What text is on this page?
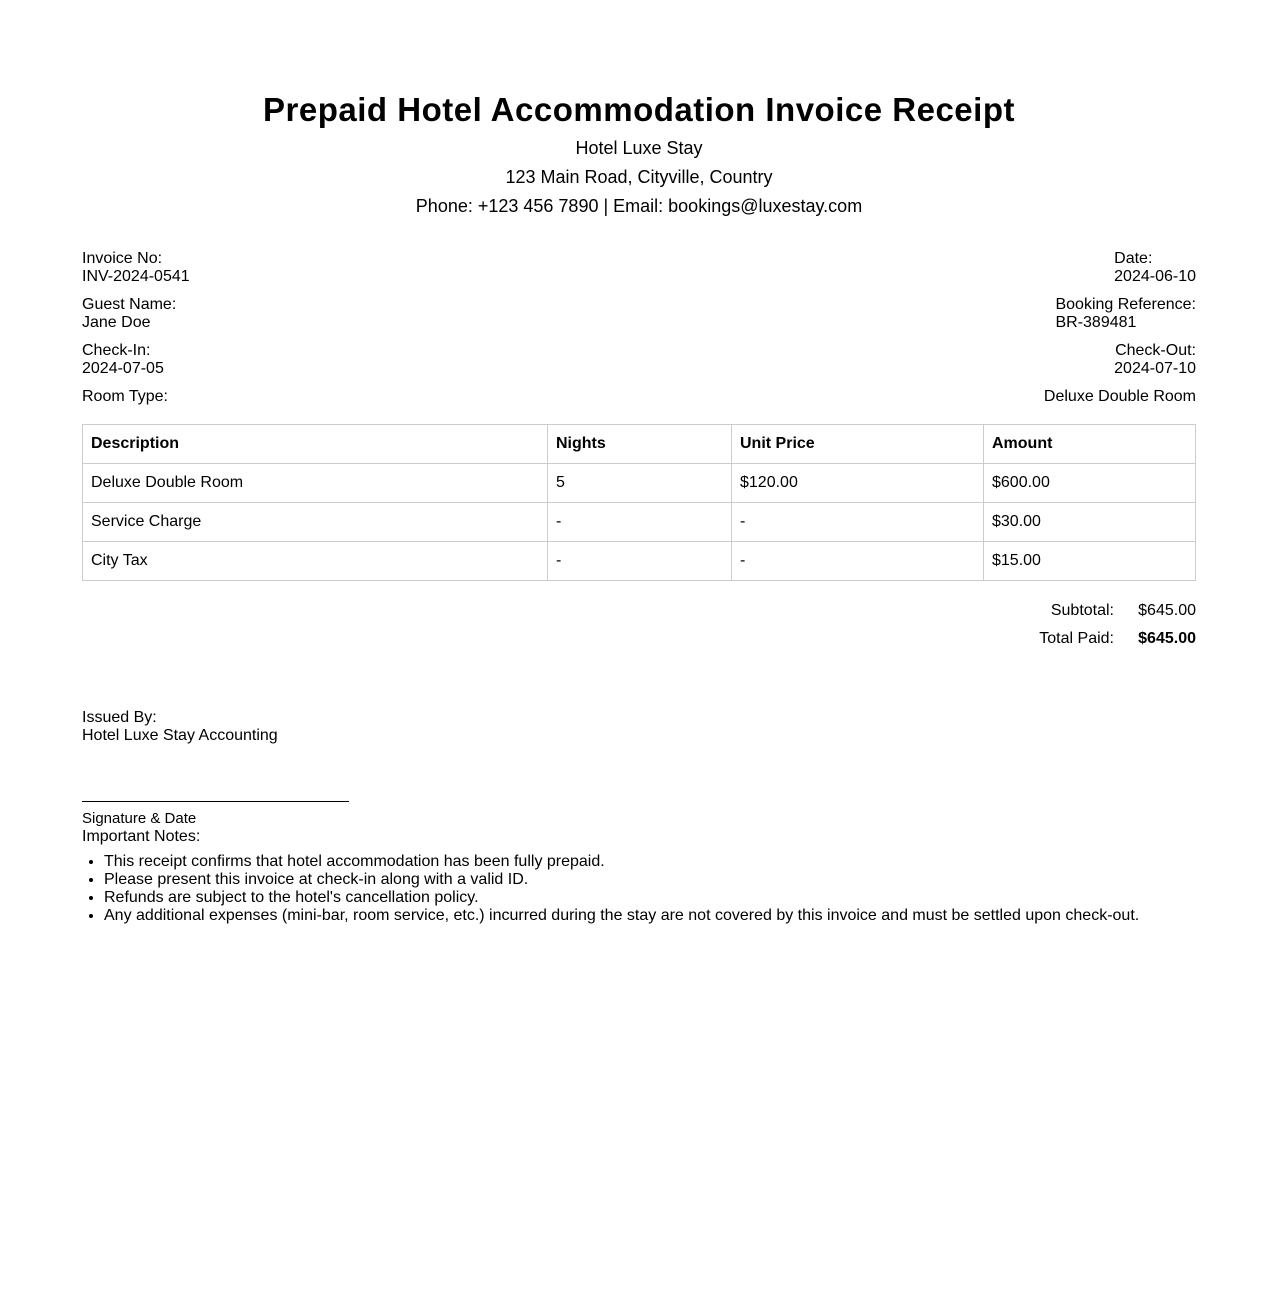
Prepaid Hotel Accommodation Invoice Receipt
Hotel Luxe Stay
123 Main Road, Cityville, Country
Phone: +123 456 7890 | Email: bookings@luxestay.com
Invoice No:
INV-2024-0541
Date:
2024-06-10
Guest Name:
Jane Doe
Booking Reference:
BR-389481
Check-In:
2024-07-05
Check-Out:
2024-07-10
Room Type:	Deluxe Double Room
Description	Nights	Unit Price	Amount
Deluxe Double Room	5	$120.00	$600.00
Service Charge	-	-	$30.00
City Tax	-	-	$15.00
Subtotal:	$645.00
Total Paid:	$645.00
Issued By:
Hotel Luxe Stay Accounting
Signature & Date
Important Notes:
• This receipt confirms that hotel accommodation has been fully prepaid.
• Please present this invoice at check-in along with a valid ID.
• Refunds are subject to the hotel's cancellation policy.
• Any additional expenses (mini-bar, room service, etc.) incurred during the stay are not covered by this invoice and must be settled upon check-out.
